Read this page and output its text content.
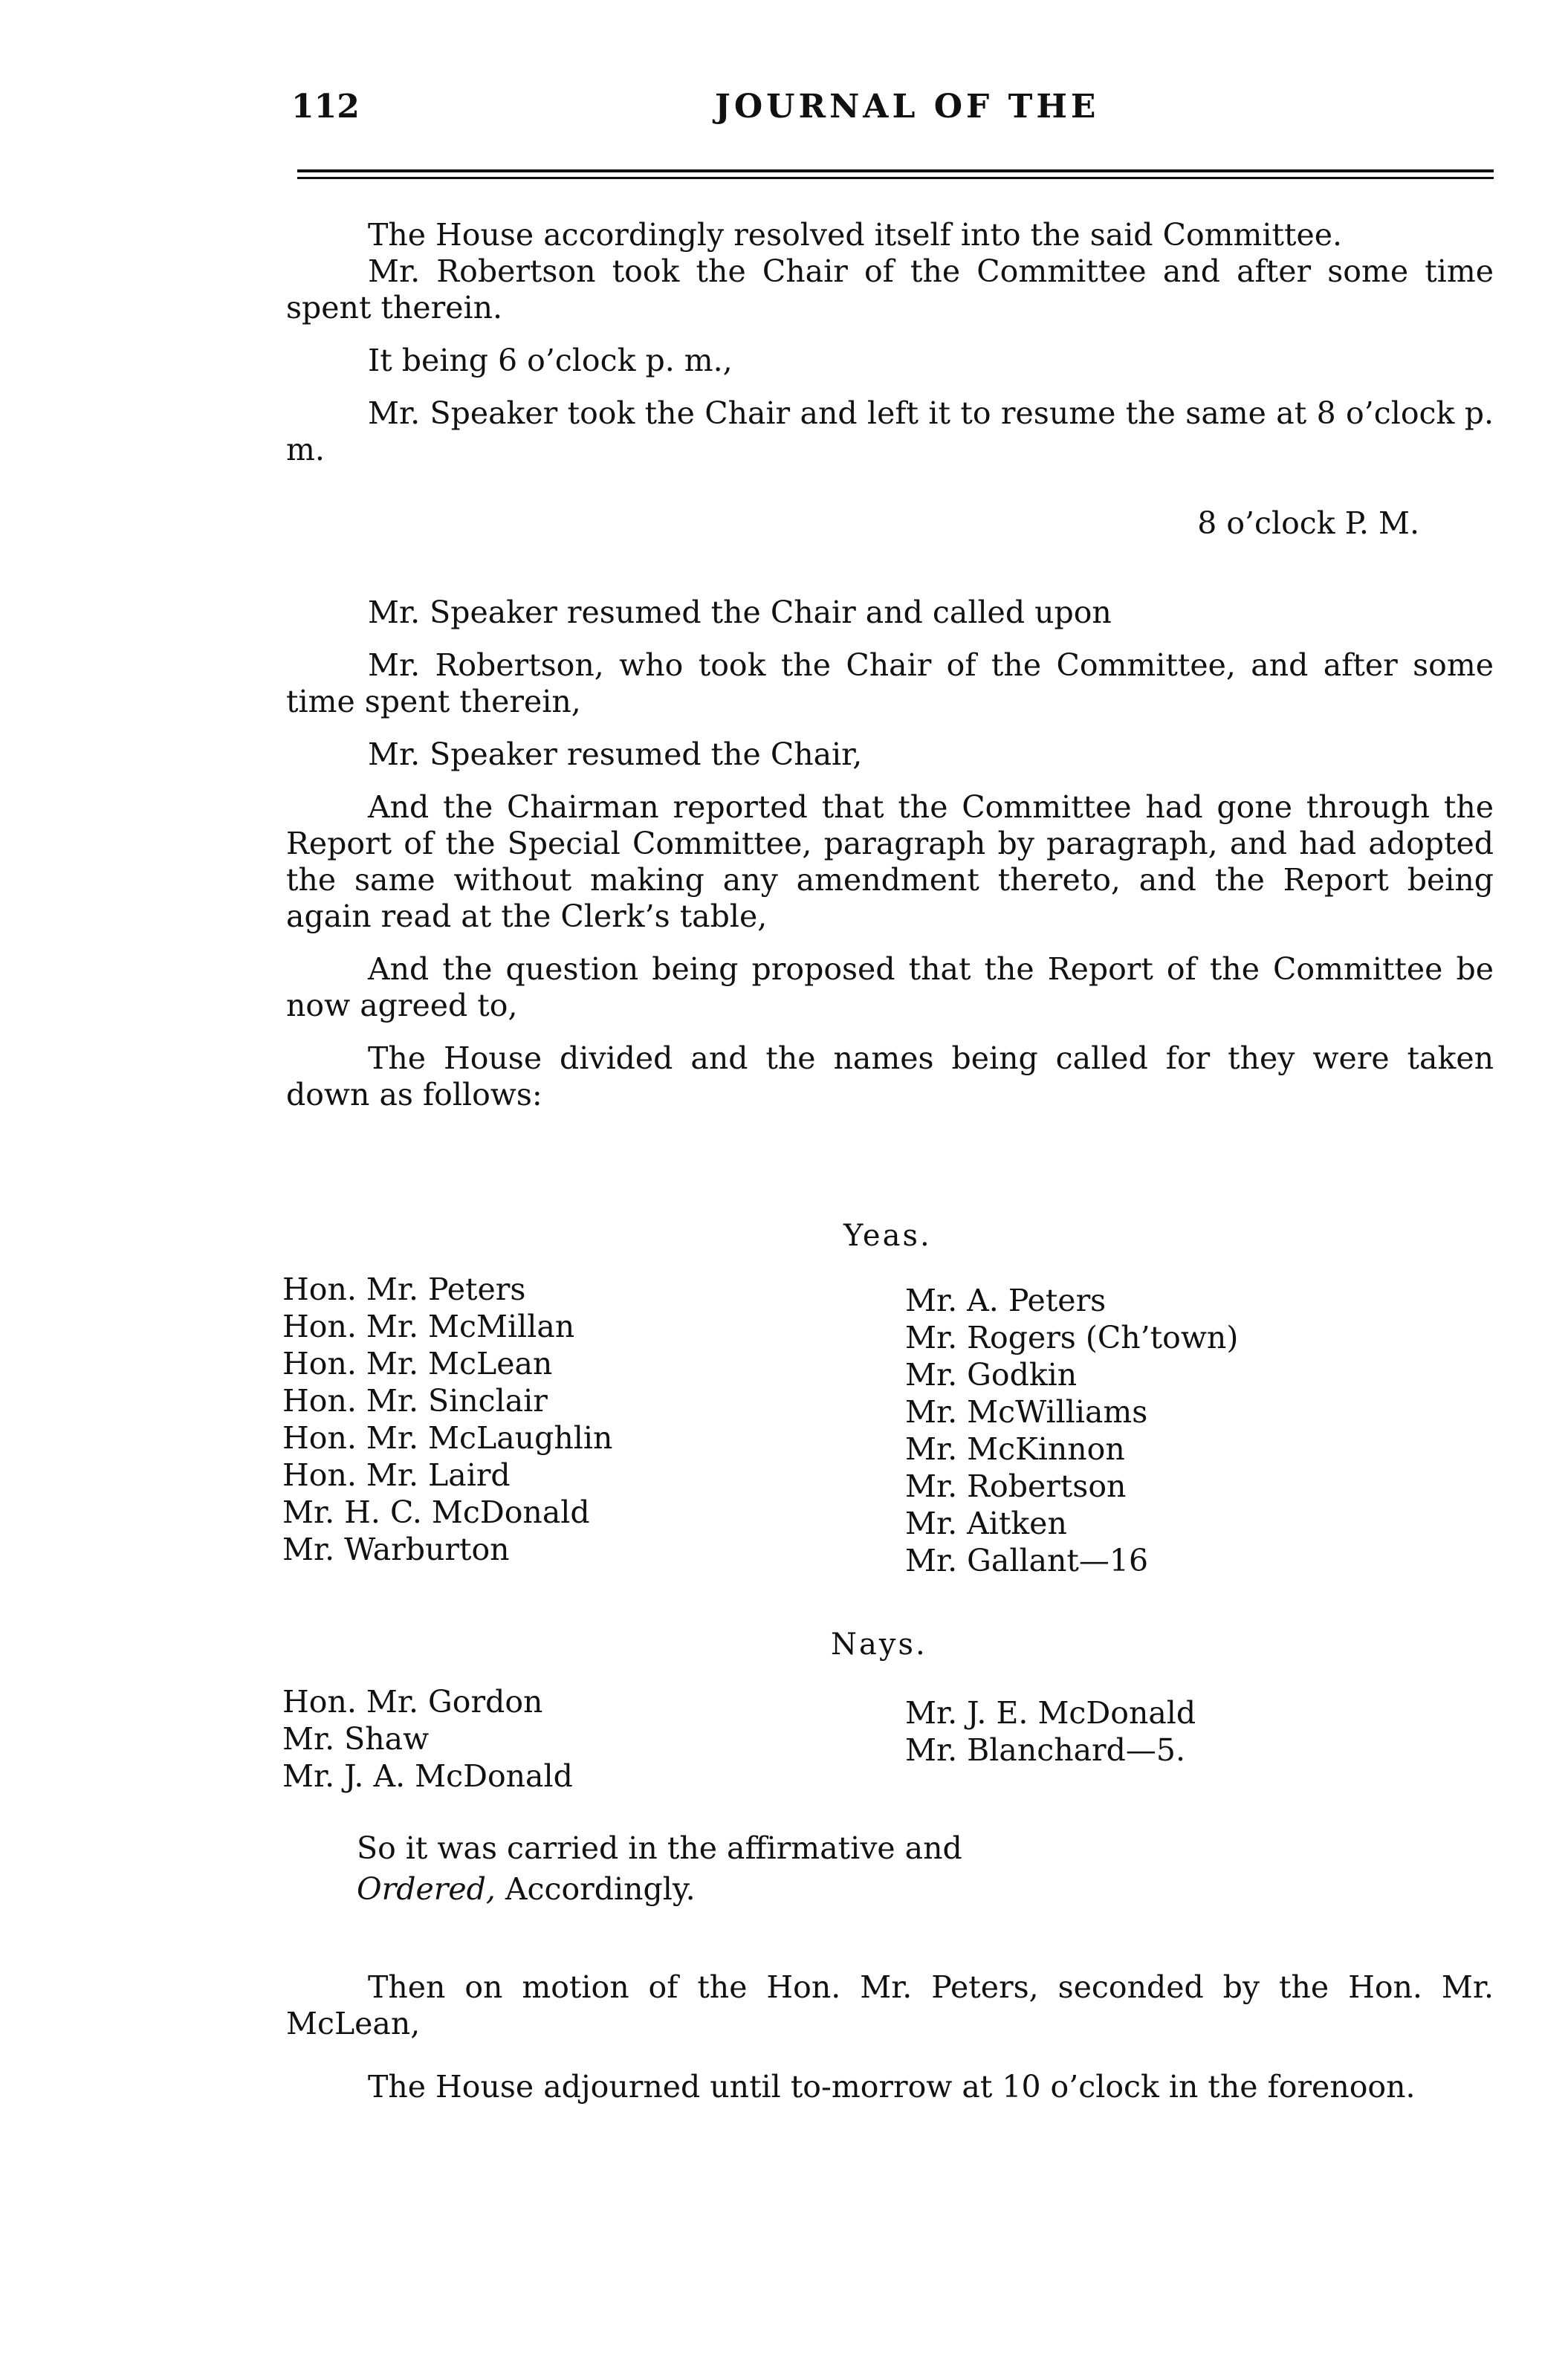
112	JOURNAL OF THE

The House accordingly resolved itself into the said Committee.

Mr. Robertson took the Chair of the Committee and after some time spent therein.

It being 6 o’clock p. m.,

Mr. Speaker took the Chair and left it to resume the same at 8 o’clock p. m.

8 o’clock P. M.

Mr. Speaker resumed the Chair and called upon

Mr. Robertson, who took the Chair of the Committee, and after some time spent therein,

Mr. Speaker resumed the Chair,

And the Chairman reported that the Committee had gone through the Report of the Special Committee, paragraph by paragraph, and had adopted the same without making any amendment thereto, and the Report being again read at the Clerk’s table,

And the question being proposed that the Report of the Committee be now agreed to,

The House divided and the names being called for they were taken down as follows:

Yeas.
Hon. Mr. Peters
Hon. Mr. McMillan
Hon. Mr. McLean
Hon. Mr. Sinclair
Hon. Mr. McLaughlin
Hon. Mr. Laird
Mr. H. C. McDonald
Mr. Warburton
Mr. A. Peters
Mr. Rogers (Ch’town)
Mr. Godkin
Mr. McWilliams
Mr. McKinnon
Mr. Robertson
Mr. Aitken
Mr. Gallant—16
Nays.
Hon. Mr. Gordon
Mr. Shaw
Mr. J. A. McDonald
Mr. J. E. McDonald
Mr. Blanchard—5.
So it was carried in the affirmative and
Ordered, Accordingly.

Then on motion of the Hon. Mr. Peters, seconded by the Hon. Mr. McLean,

The House adjourned until to-morrow at 10 o’clock in the forenoon.
